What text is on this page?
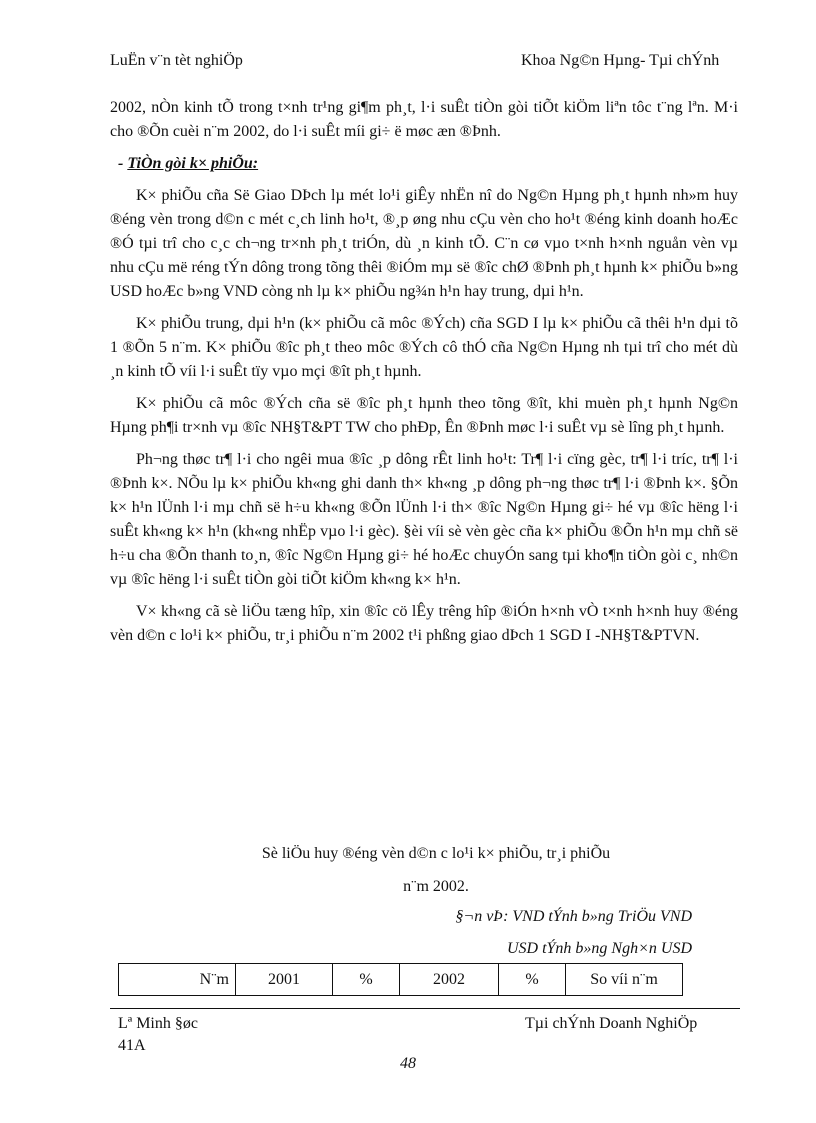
LuËn v¨n tèt nghiÖp	Khoa Ng©n Hµng- Tµi chÝnh

2002, nÒn kinh tÕ trong t×nh tr¹ng gi¶m ph¸t, l·i suÊt tiÒn gòi tiÕt kiÖm liªn tôc t¨ng lªn. M·i cho ®Õn cuèi n¨m 2002, do l·i suÊt míi gi÷ ë møc æn ®Þnh.

- TiÒn gòi k× phiÕu:

K× phiÕu cña Së Giao DÞch lµ mét lo¹i giÊy nhËn nî do Ng©n Hµng ph¸t hµnh nh»m huy ®éng vèn trong d©n c mét c¸ch linh ho¹t, ®¸p øng nhu cÇu vèn cho ho¹t ®éng kinh doanh hoÆc ®Ó tµi trî cho c¸c ch¬ng tr×nh ph¸t triÓn, dù ¸n kinh tÕ. C¨n cø vµo t×nh h×nh nguån vèn vµ nhu cÇu më réng tÝn dông trong tõng thêi ®iÓm mµ së ®îc chØ ®Þnh ph¸t hµnh k× phiÕu b»ng USD hoÆc b»ng VND còng nh lµ k× phiÕu ng¾n h¹n hay trung, dµi h¹n.

K× phiÕu trung, dµi h¹n (k× phiÕu cã môc ®Ých) cña SGD I lµ k× phiÕu cã thêi h¹n dµi tõ 1 ®Õn 5 n¨m. K× phiÕu ®îc ph¸t theo môc ®Ých cô thÓ cña Ng©n Hµng nh tµi trî cho mét dù ¸n kinh tÕ víi l·i suÊt tïy vµo mçi ®ît ph¸t hµnh.

K× phiÕu cã môc ®Ých cña së ®îc ph¸t hµnh theo tõng ®ît, khi muèn ph¸t hµnh Ng©n Hµng ph¶i tr×nh vµ ®îc NH§T&PT TW cho phÐp, Ên ®Þnh møc l·i suÊt vµ sè lîng ph¸t hµnh.

Ph¬ng thøc tr¶ l·i cho ngêi mua ®îc ¸p dông rÊt linh ho¹t: Tr¶ l·i cïng gèc, tr¶ l·i tríc, tr¶ l·i ®Þnh k×. NÕu lµ k× phiÕu kh«ng ghi danh th× kh«ng ¸p dông ph¬ng thøc tr¶ l·i ®Þnh k×. §Õn k× h¹n lÜnh l·i mµ chñ së h÷u kh«ng ®Õn lÜnh l·i th× ®îc Ng©n Hµng gi÷ hé vµ ®îc hëng l·i suÊt kh«ng k× h¹n (kh«ng nhËp vµo l·i gèc). §èi víi sè vèn gèc cña k× phiÕu ®Õn h¹n mµ chñ së h÷u cha ®Õn thanh to¸n, ®îc Ng©n Hµng gi÷ hé hoÆc chuyÓn sang tµi kho¶n tiÒn gòi c¸ nh©n vµ ®îc hëng l·i suÊt tiÒn gòi tiÕt kiÖm kh«ng k× h¹n.

V× kh«ng cã sè liÖu tæng hîp, xin ®îc cö lÊy trêng hîp ®iÓn h×nh vÒ t×nh h×nh huy ®éng vèn d©n c lo¹i k× phiÕu, tr¸i phiÕu n¨m 2002 t¹i phßng giao dÞch 1 SGD I -NH§T&PTVN.

Sè liÖu huy ®éng vèn d©n c lo¹i k× phiÕu, tr¸i phiÕu
n¨m 2002.
§¬n vÞ: VND tÝnh b»ng TriÖu VND
USD tÝnh b»ng Ngh×n USD
N¨m	2001	%	2002	%	So víi n¨m
Lª Minh §øc 41A
Tµi chÝnh Doanh NghiÖp
48
